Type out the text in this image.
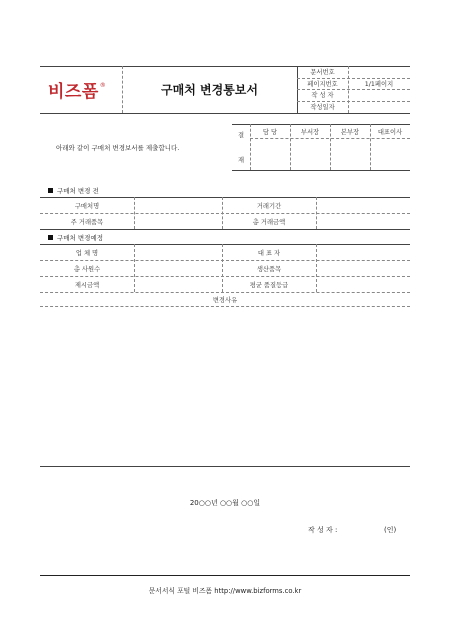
비즈폼 ®	구매처 변경통보서
문서번호
페이지번호	1/1페이지
작 성 자
작성일자
아래와 같이 구매처 변경보서를 제출합니다.
결
재
담 당	부서장	본부장	대표이사
구매처 변경 전
구매처명	거래기간
주 거래품목	총 거래금액
구매처 변경예정
업 체 명	대 표 자
총 사원수	생산품목
제시금액	평균 품질등급
변경사유
20○○년 ○○월 ○○일
작 성 자 :	(인)
문서서식 포털 비즈폼 http://www.bizforms.co.kr
